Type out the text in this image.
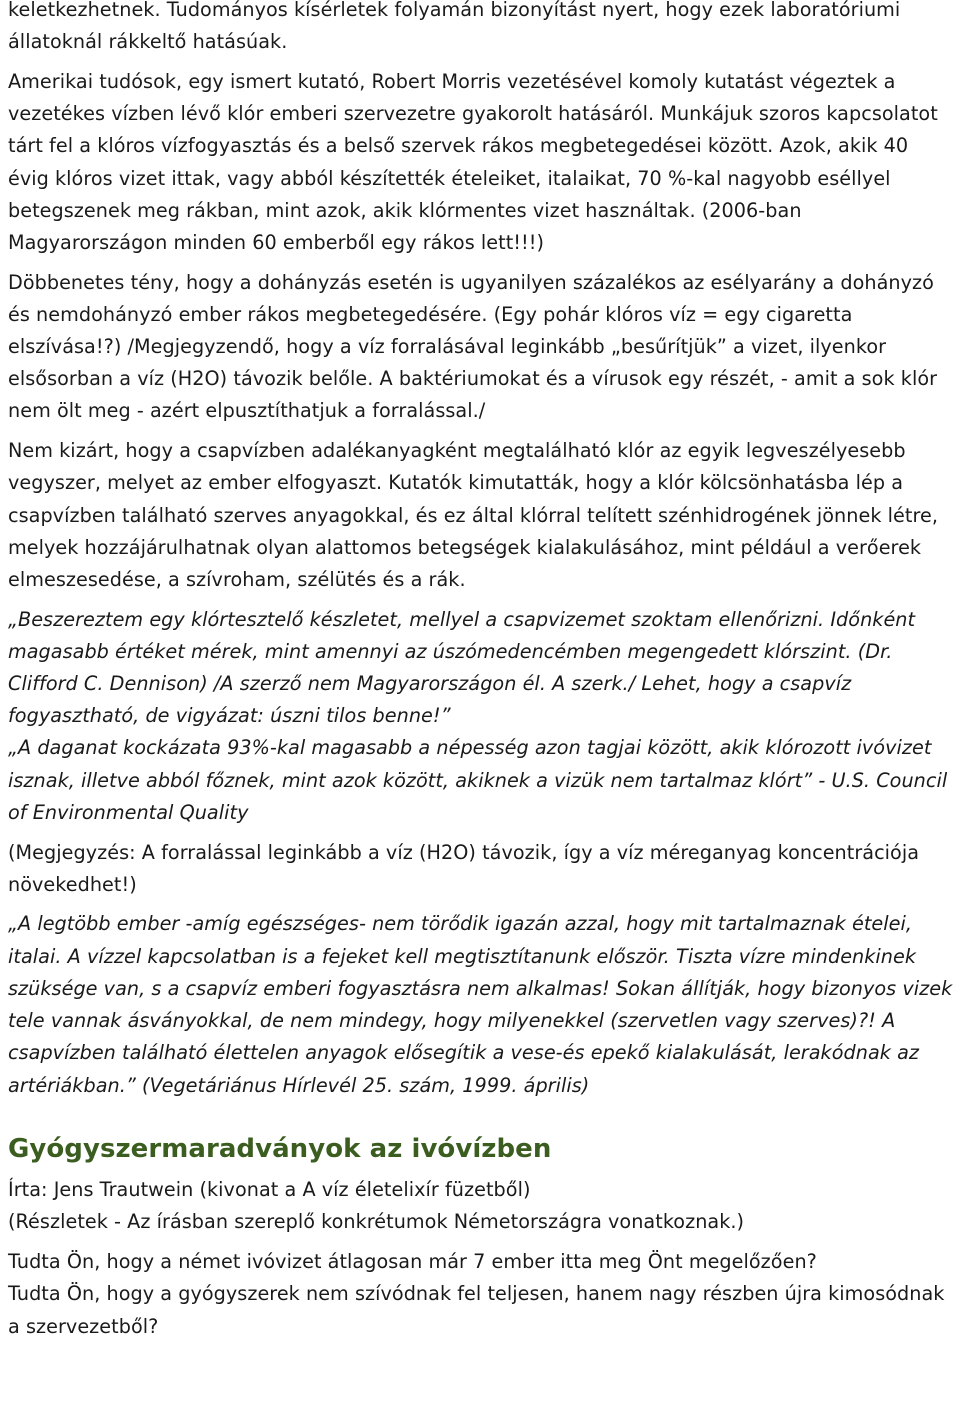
keletkezhetnek. Tudományos kísérletek folyamán bizonyítást nyert, hogy ezek laboratóriumi állatoknál rákkeltő hatásúak.

Amerikai tudósok, egy ismert kutató, Robert Morris vezetésével komoly kutatást végeztek a vezetékes vízben lévő klór emberi szervezetre gyakorolt hatásáról. Munkájuk szoros kapcsolatot tárt fel a klóros vízfogyasztás és a belső szervek rákos megbetegedései között. Azok, akik 40 évig klóros vizet ittak, vagy abból készítették ételeiket, italaikat, 70 %-kal nagyobb eséllyel betegszenek meg rákban, mint azok, akik klórmentes vizet használtak. (2006-ban Magyarországon minden 60 emberből egy rákos lett!!!)

Döbbenetes tény, hogy a dohányzás esetén is ugyanilyen százalékos az esélyarány a dohányzó és nemdohányzó ember rákos megbetegedésére. (Egy pohár klóros víz = egy cigaretta elszívása!?) /Megjegyzendő, hogy a víz forralásával leginkább „besűrítjük” a vizet, ilyenkor elsősorban a víz (H2O) távozik belőle. A baktériumokat és a vírusok egy részét, - amit a sok klór nem ölt meg - azért elpusztíthatjuk a forralással./

Nem kizárt, hogy a csapvízben adalékanyagként megtalálható klór az egyik legveszélyesebb vegyszer, melyet az ember elfogyaszt. Kutatók kimutatták, hogy a klór kölcsönhatásba lép a csapvízben található szerves anyagokkal, és ez által klórral telített szénhidrogének jönnek létre, melyek hozzájárulhatnak olyan alattomos betegségek kialakulásához, mint például a verőerek elmeszesedése, a szívroham, szélütés és a rák.

„Beszereztem egy klórtesztelő készletet, mellyel a csapvizemet szoktam ellenőrizni. Időnként magasabb értéket mérek, mint amennyi az úszómedencémben megengedett klórszint. (Dr. Clifford C. Dennison) /A szerző nem Magyarországon él. A szerk./ Lehet, hogy a csapvíz fogyasztható, de vigyázat: úszni tilos benne!”

„A daganat kockázata 93%-kal magasabb a népesség azon tagjai között, akik klórozott ivóvizet isznak, illetve abból főznek, mint azok között, akiknek a vizük nem tartalmaz klórt” - U.S. Council of Environmental Quality

(Megjegyzés: A forralással leginkább a víz (H2O) távozik, így a víz méreganyag koncentrációja növekedhet!)

„A legtöbb ember -amíg egészséges- nem törődik igazán azzal, hogy mit tartalmaznak ételei, italai. A vízzel kapcsolatban is a fejeket kell megtisztítanunk először. Tiszta vízre mindenkinek szüksége van, s a csapvíz emberi fogyasztásra nem alkalmas! Sokan állítják, hogy bizonyos vizek tele vannak ásványokkal, de nem mindegy, hogy milyenekkel (szervetlen vagy szerves)?! A csapvízben található élettelen anyagok elősegítik a vese-és epekő kialakulását, lerakódnak az artériákban.” (Vegetáriánus Hírlevél 25. szám, 1999. április)

Gyógyszermaradványok az ivóvízben

Írta: Jens Trautwein (kivonat a A víz életelixír füzetből)

(Részletek - Az írásban szereplő konkrétumok Németországra vonatkoznak.)

Tudta Ön, hogy a német ivóvizet átlagosan már 7 ember itta meg Önt megelőzően?

Tudta Ön, hogy a gyógyszerek nem szívódnak fel teljesen, hanem nagy részben újra kimosódnak a szervezetből?
